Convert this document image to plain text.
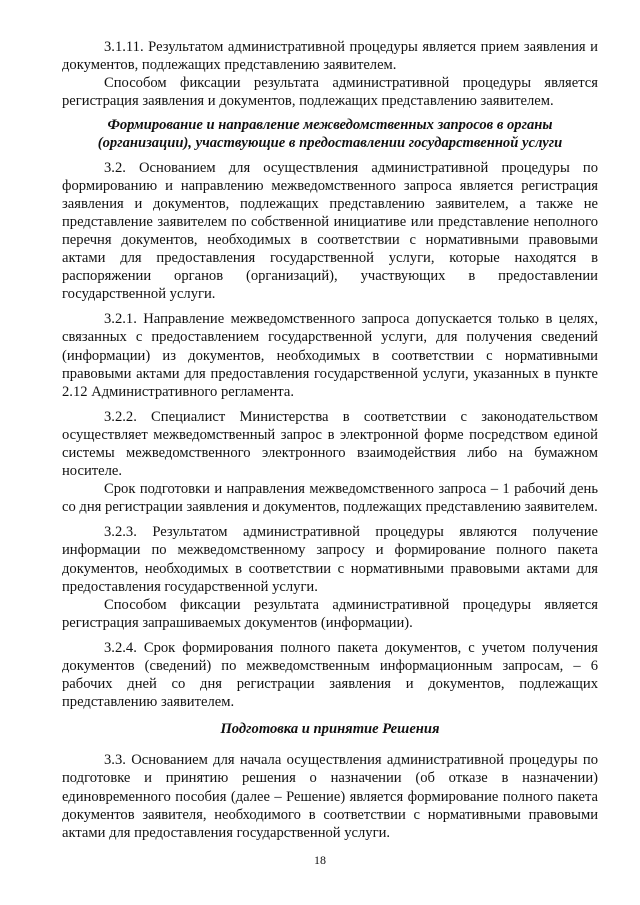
3.1.11. Результатом административной процедуры является прием заявления и документов, подлежащих представлению заявителем.

Способом фиксации результата административной процедуры является регистрация заявления и документов, подлежащих представлению заявителем.

Формирование и направление межведомственных запросов в органы (организации), участвующие в предоставлении государственной услуги

3.2. Основанием для осуществления административной процедуры по формированию и направлению межведомственного запроса является регистрация заявления и документов, подлежащих представлению заявителем, а также не представление заявителем по собственной инициативе или представление неполного перечня документов, необходимых в соответствии с нормативными правовыми актами для предоставления государственной услуги, которые находятся в распоряжении органов (организаций), участвующих в предоставлении государственной услуги.

3.2.1. Направление межведомственного запроса допускается только в целях, связанных с предоставлением государственной услуги, для получения сведений (информации) из документов, необходимых в соответствии с нормативными правовыми актами для предоставления государственной услуги, указанных в пункте 2.12 Административного регламента.

3.2.2. Специалист Министерства в соответствии с законодательством осуществляет межведомственный запрос в электронной форме посредством единой системы межведомственного электронного взаимодействия либо на бумажном носителе.

Срок подготовки и направления межведомственного запроса – 1 рабочий день со дня регистрации заявления и документов, подлежащих представлению заявителем.

3.2.3. Результатом административной процедуры являются получение информации по межведомственному запросу и формирование полного пакета документов, необходимых в соответствии с нормативными правовыми актами для предоставления государственной услуги.

Способом фиксации результата административной процедуры является регистрация запрашиваемых документов (информации).

3.2.4. Срок формирования полного пакета документов, с учетом получения документов (сведений) по межведомственным информационным запросам, – 6 рабочих дней со дня регистрации заявления и документов, подлежащих представлению заявителем.

Подготовка и принятие Решения

3.3. Основанием для начала осуществления административной процедуры по подготовке и принятию решения о назначении (об отказе в назначении) единовременного пособия (далее – Решение) является формирование полного пакета документов заявителя, необходимого в соответствии с нормативными правовыми актами для предоставления государственной услуги.

18
